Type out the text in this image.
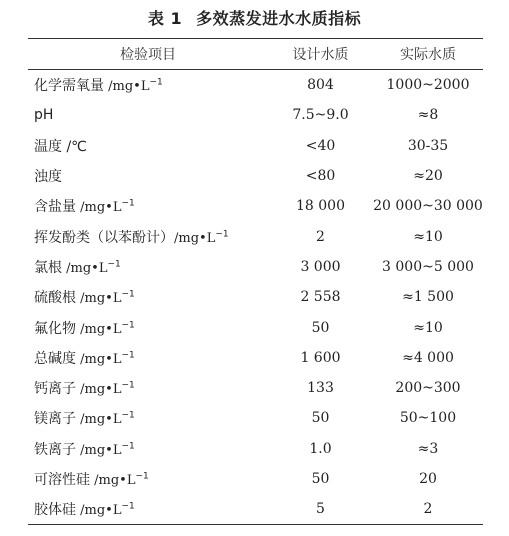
表 1 多效蒸发进水水质指标
检验项目	设计水质	实际水质
化学需氧量 $/mg•L^{-1}$	804	1000~2000
pH	7.5~9.0	≈8
温度 /℃	<40	30-35
浊度	<80	≈20
含盐量 $/mg•L^{-1}$	18 000	20 000~30 000
挥发酚类（以苯酚计）$/mg•L^{-1}$	2	≈10
氯根 $/mg•L^{-1}$	3 000	3 000~5 000
硫酸根 $/mg•L^{-1}$	2 558	≈1 500
氟化物 $/mg•L^{-1}$	50	≈10
总碱度 $/mg•L^{-1}$	1 600	≈4 000
钙离子 $/mg•L^{-1}$	133	200~300
镁离子 $/mg•L^{-1}$	50	50~100
铁离子 $/mg•L^{-1}$	1.0	≈3
可溶性硅 $/mg•L^{-1}$	50	20
胶体硅 $/mg•L^{-1}$	5	2
